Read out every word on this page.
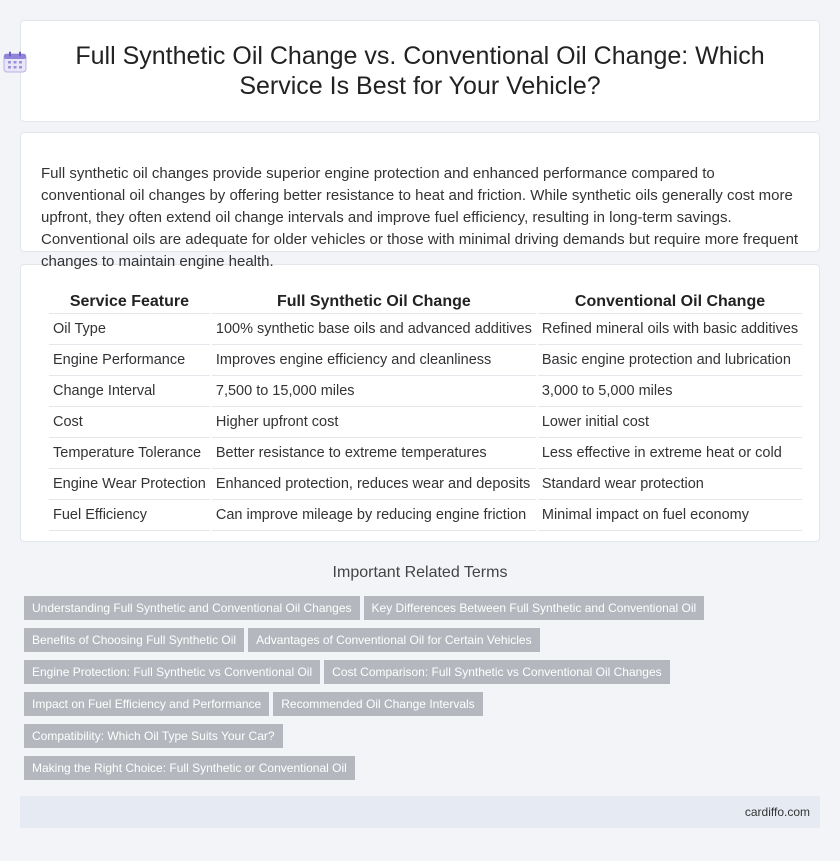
Full Synthetic Oil Change vs. Conventional Oil Change: Which Service Is Best for Your Vehicle?
Full synthetic oil changes provide superior engine protection and enhanced performance compared to conventional oil changes by offering better resistance to heat and friction. While synthetic oils generally cost more upfront, they often extend oil change intervals and improve fuel efficiency, resulting in long-term savings. Conventional oils are adequate for older vehicles or those with minimal driving demands but require more frequent changes to maintain engine health.
Service Feature	Full Synthetic Oil Change	Conventional Oil Change
Oil Type	100% synthetic base oils and advanced additives	Refined mineral oils with basic additives
Engine Performance	Improves engine efficiency and cleanliness	Basic engine protection and lubrication
Change Interval	7,500 to 15,000 miles	3,000 to 5,000 miles
Cost	Higher upfront cost	Lower initial cost
Temperature Tolerance	Better resistance to extreme temperatures	Less effective in extreme heat or cold
Engine Wear Protection	Enhanced protection, reduces wear and deposits	Standard wear protection
Fuel Efficiency	Can improve mileage by reducing engine friction	Minimal impact on fuel economy
Important Related Terms
Understanding Full Synthetic and Conventional Oil Changes Key Differences Between Full Synthetic and Conventional Oil
Benefits of Choosing Full Synthetic Oil Advantages of Conventional Oil for Certain Vehicles
Engine Protection: Full Synthetic vs Conventional Oil Cost Comparison: Full Synthetic vs Conventional Oil Changes
Impact on Fuel Efficiency and Performance Recommended Oil Change IntervalsCompatibility: Which Oil Type Suits Your Car?
Making the Right Choice: Full Synthetic or Conventional Oil
cardiffo.com
